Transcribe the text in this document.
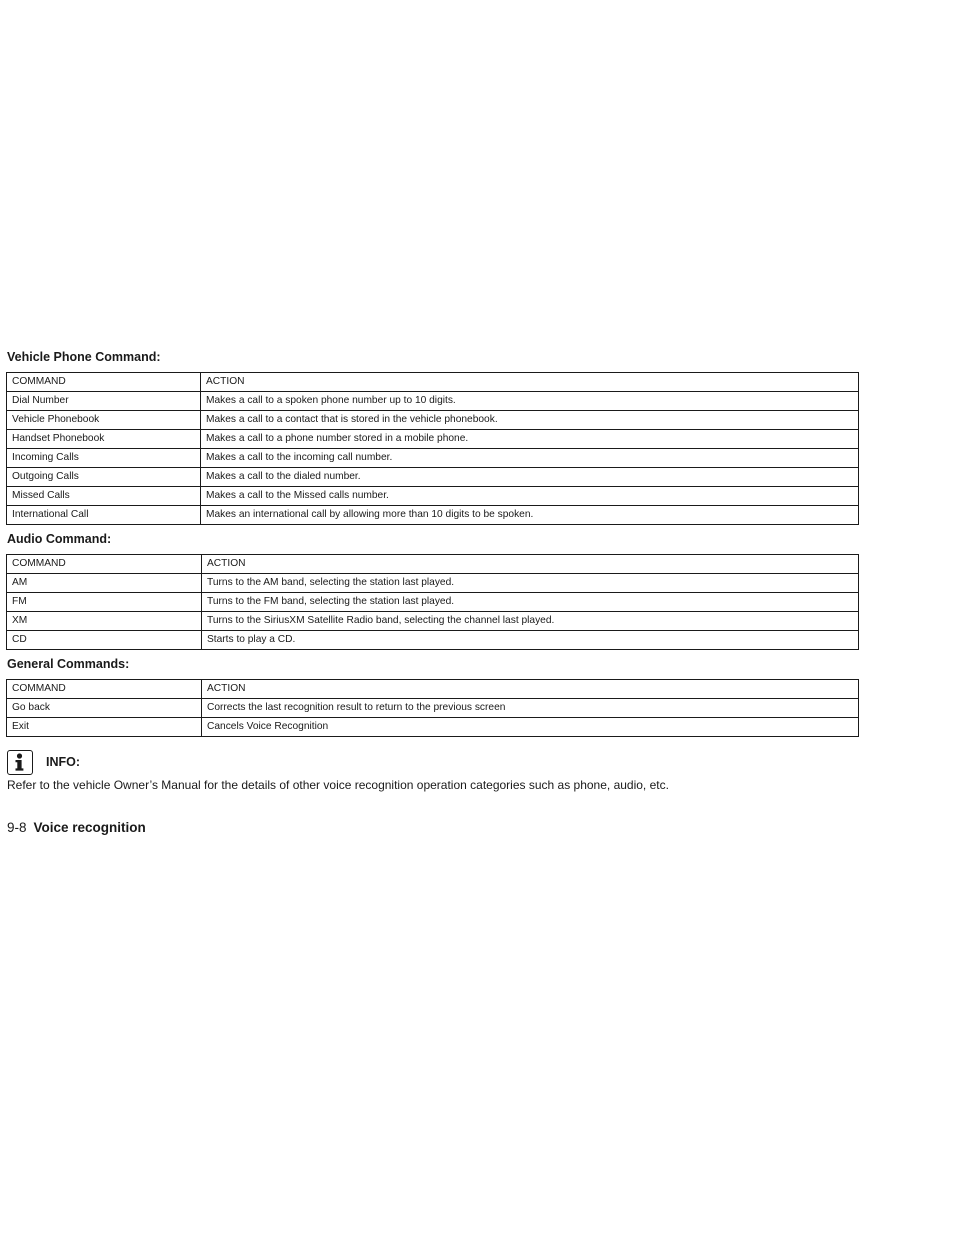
Vehicle Phone Command:
COMMAND	ACTION
Dial Number	Makes a call to a spoken phone number up to 10 digits.
Vehicle Phonebook	Makes a call to a contact that is stored in the vehicle phonebook.
Handset Phonebook	Makes a call to a phone number stored in a mobile phone.
Incoming Calls	Makes a call to the incoming call number.
Outgoing Calls	Makes a call to the dialed number.
Missed Calls	Makes a call to the Missed calls number.
International Call	Makes an international call by allowing more than 10 digits to be spoken.
Audio Command:
COMMAND	ACTION
AM	Turns to the AM band, selecting the station last played.
FM	Turns to the FM band, selecting the station last played.
XM	Turns to the SiriusXM Satellite Radio band, selecting the channel last played.
CD	Starts to play a CD.
General Commands:
COMMAND	ACTION
Go back	Corrects the last recognition result to return to the previous screen
Exit	Cancels Voice Recognition
INFO:

Refer to the vehicle Owner’s Manual for the details of other voice recognition operation categories such as phone, audio, etc.

9-8 Voice recognition
